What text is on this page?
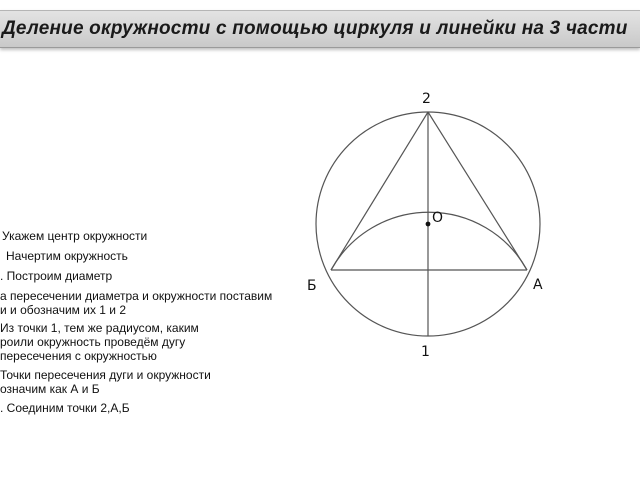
Деление окружности с помощью циркуля и линейки на 3 части
2
O
1
А
Б
Укажем центр окружности
Начертим окружность
. Построим диаметр
а пересечении диаметра и окружности поставим
и и обозначим их 1 и 2
Из точки 1, тем же радиусом, каким
роили окружность проведём дугу
пересечения с окружностью
Точки пересечения дуги и окружности
означим как А и Б
. Соединим точки 2,А,Б
